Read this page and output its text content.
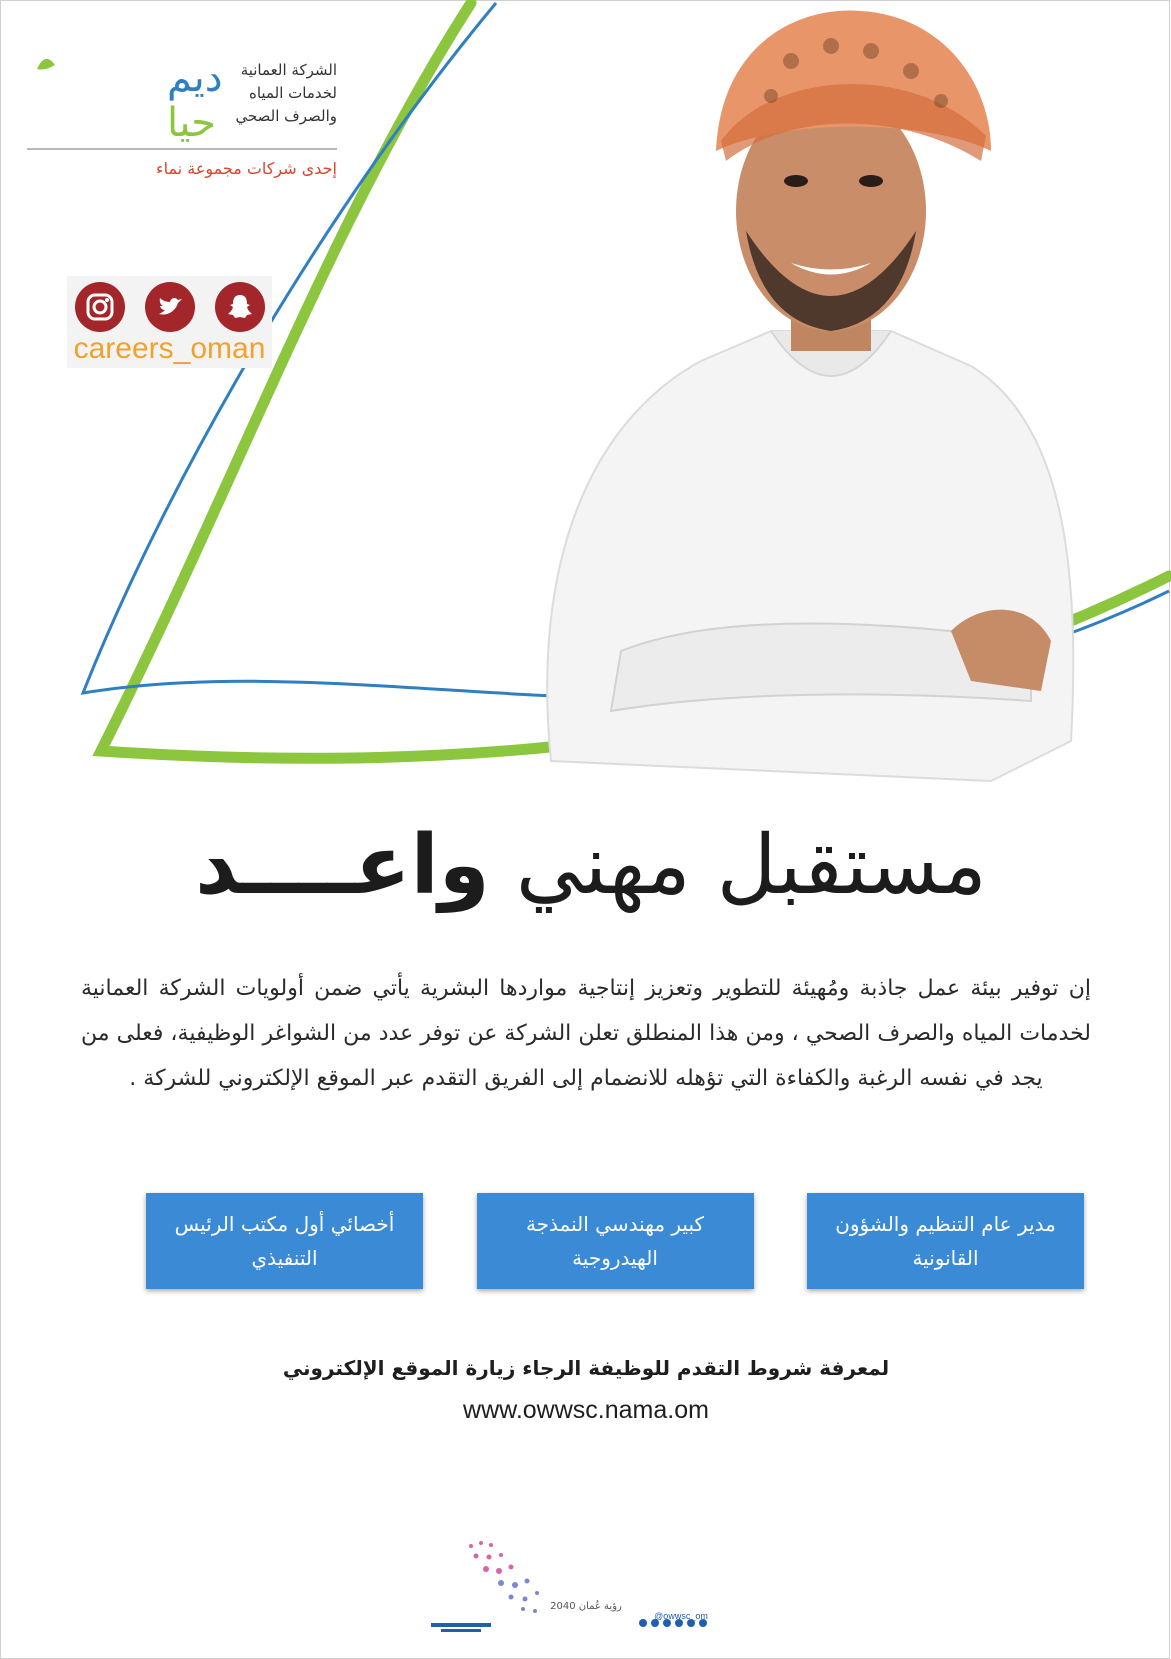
ديم
حيا
الشركة العمانية
لخدمات المياه
والصرف الصحي
إحدى شركات مجموعة نماء
careers_oman
مستقبل مهني واعــــد
إن توفير بيئة عمل جاذبة ومُهيئة للتطوير وتعزيز إنتاجية مواردها البشرية يأتي ضمن أولويات الشركة العمانية لخدمات المياه والصرف الصحي ، ومن هذا المنطلق تعلن الشركة عن توفر عدد من الشواغر الوظيفية، فعلى من يجد في نفسه الرغبة والكفاءة التي تؤهله للانضمام إلى الفريق التقدم عبر الموقع الإلكتروني للشركة .
مدير عام التنظيم والشؤون القانونية
كبير مهندسي النمذجة الهيدروجية
أخصائي أول مكتب الرئيس التنفيذي
لمعرفة شروط التقدم للوظيفة الرجاء زيارة الموقع الإلكتروني
www.owwsc.nama.om
رؤية عُمان 2040
@owwsc_om
